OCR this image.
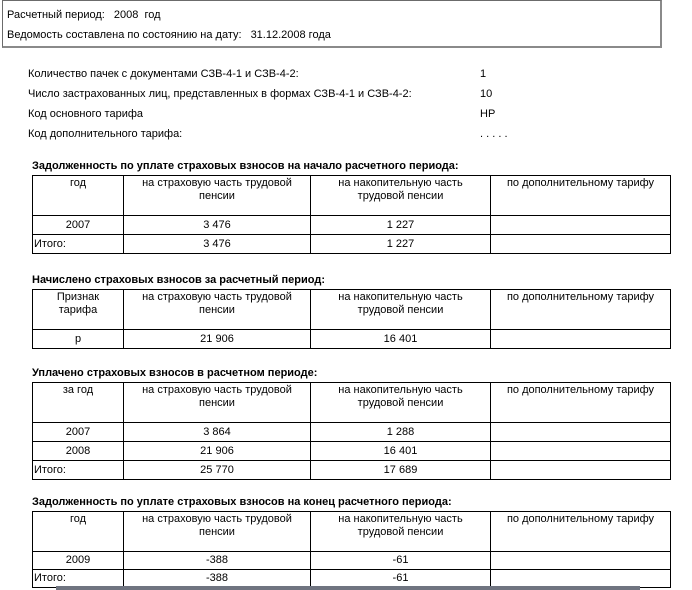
Расчетный период: 2008  год
Ведомость составлена по состоянию на дату: 31.12.2008 года
Количество пачек с документами СЗВ-4-1 и СЗВ-4-2:	1
Число застрахованных лиц, представленных в формах СЗВ-4-1 и СЗВ-4-2:	10
Код основного тарифа	НР
Код дополнительного тарифа:	. . . . .
Задолженность по уплате страховых взносов на начало расчетного периода:
год	на страховую часть трудовой пенсии	на накопительную часть трудовой пенсии	по дополнительному тарифу
2007	3 476	1 227	
Итого:	3 476	1 227	
Начислено страховых взносов за расчетный период:
Признак тарифа	на страховую часть трудовой пенсии	на накопительную часть трудовой пенсии	по дополнительному тарифу
р	21 906	16 401	
Уплачено страховых взносов в расчетном периоде:
за год	на страховую часть трудовой пенсии	на накопительную часть трудовой пенсии	по дополнительному тарифу
2007	3 864	1 288	
2008	21 906	16 401	
Итого:	25 770	17 689	
Задолженность по уплате страховых взносов на конец расчетного периода:
год	на страховую часть трудовой пенсии	на накопительную часть трудовой пенсии	по дополнительному тарифу
2009	-388	-61	
Итого:	-388	-61	
